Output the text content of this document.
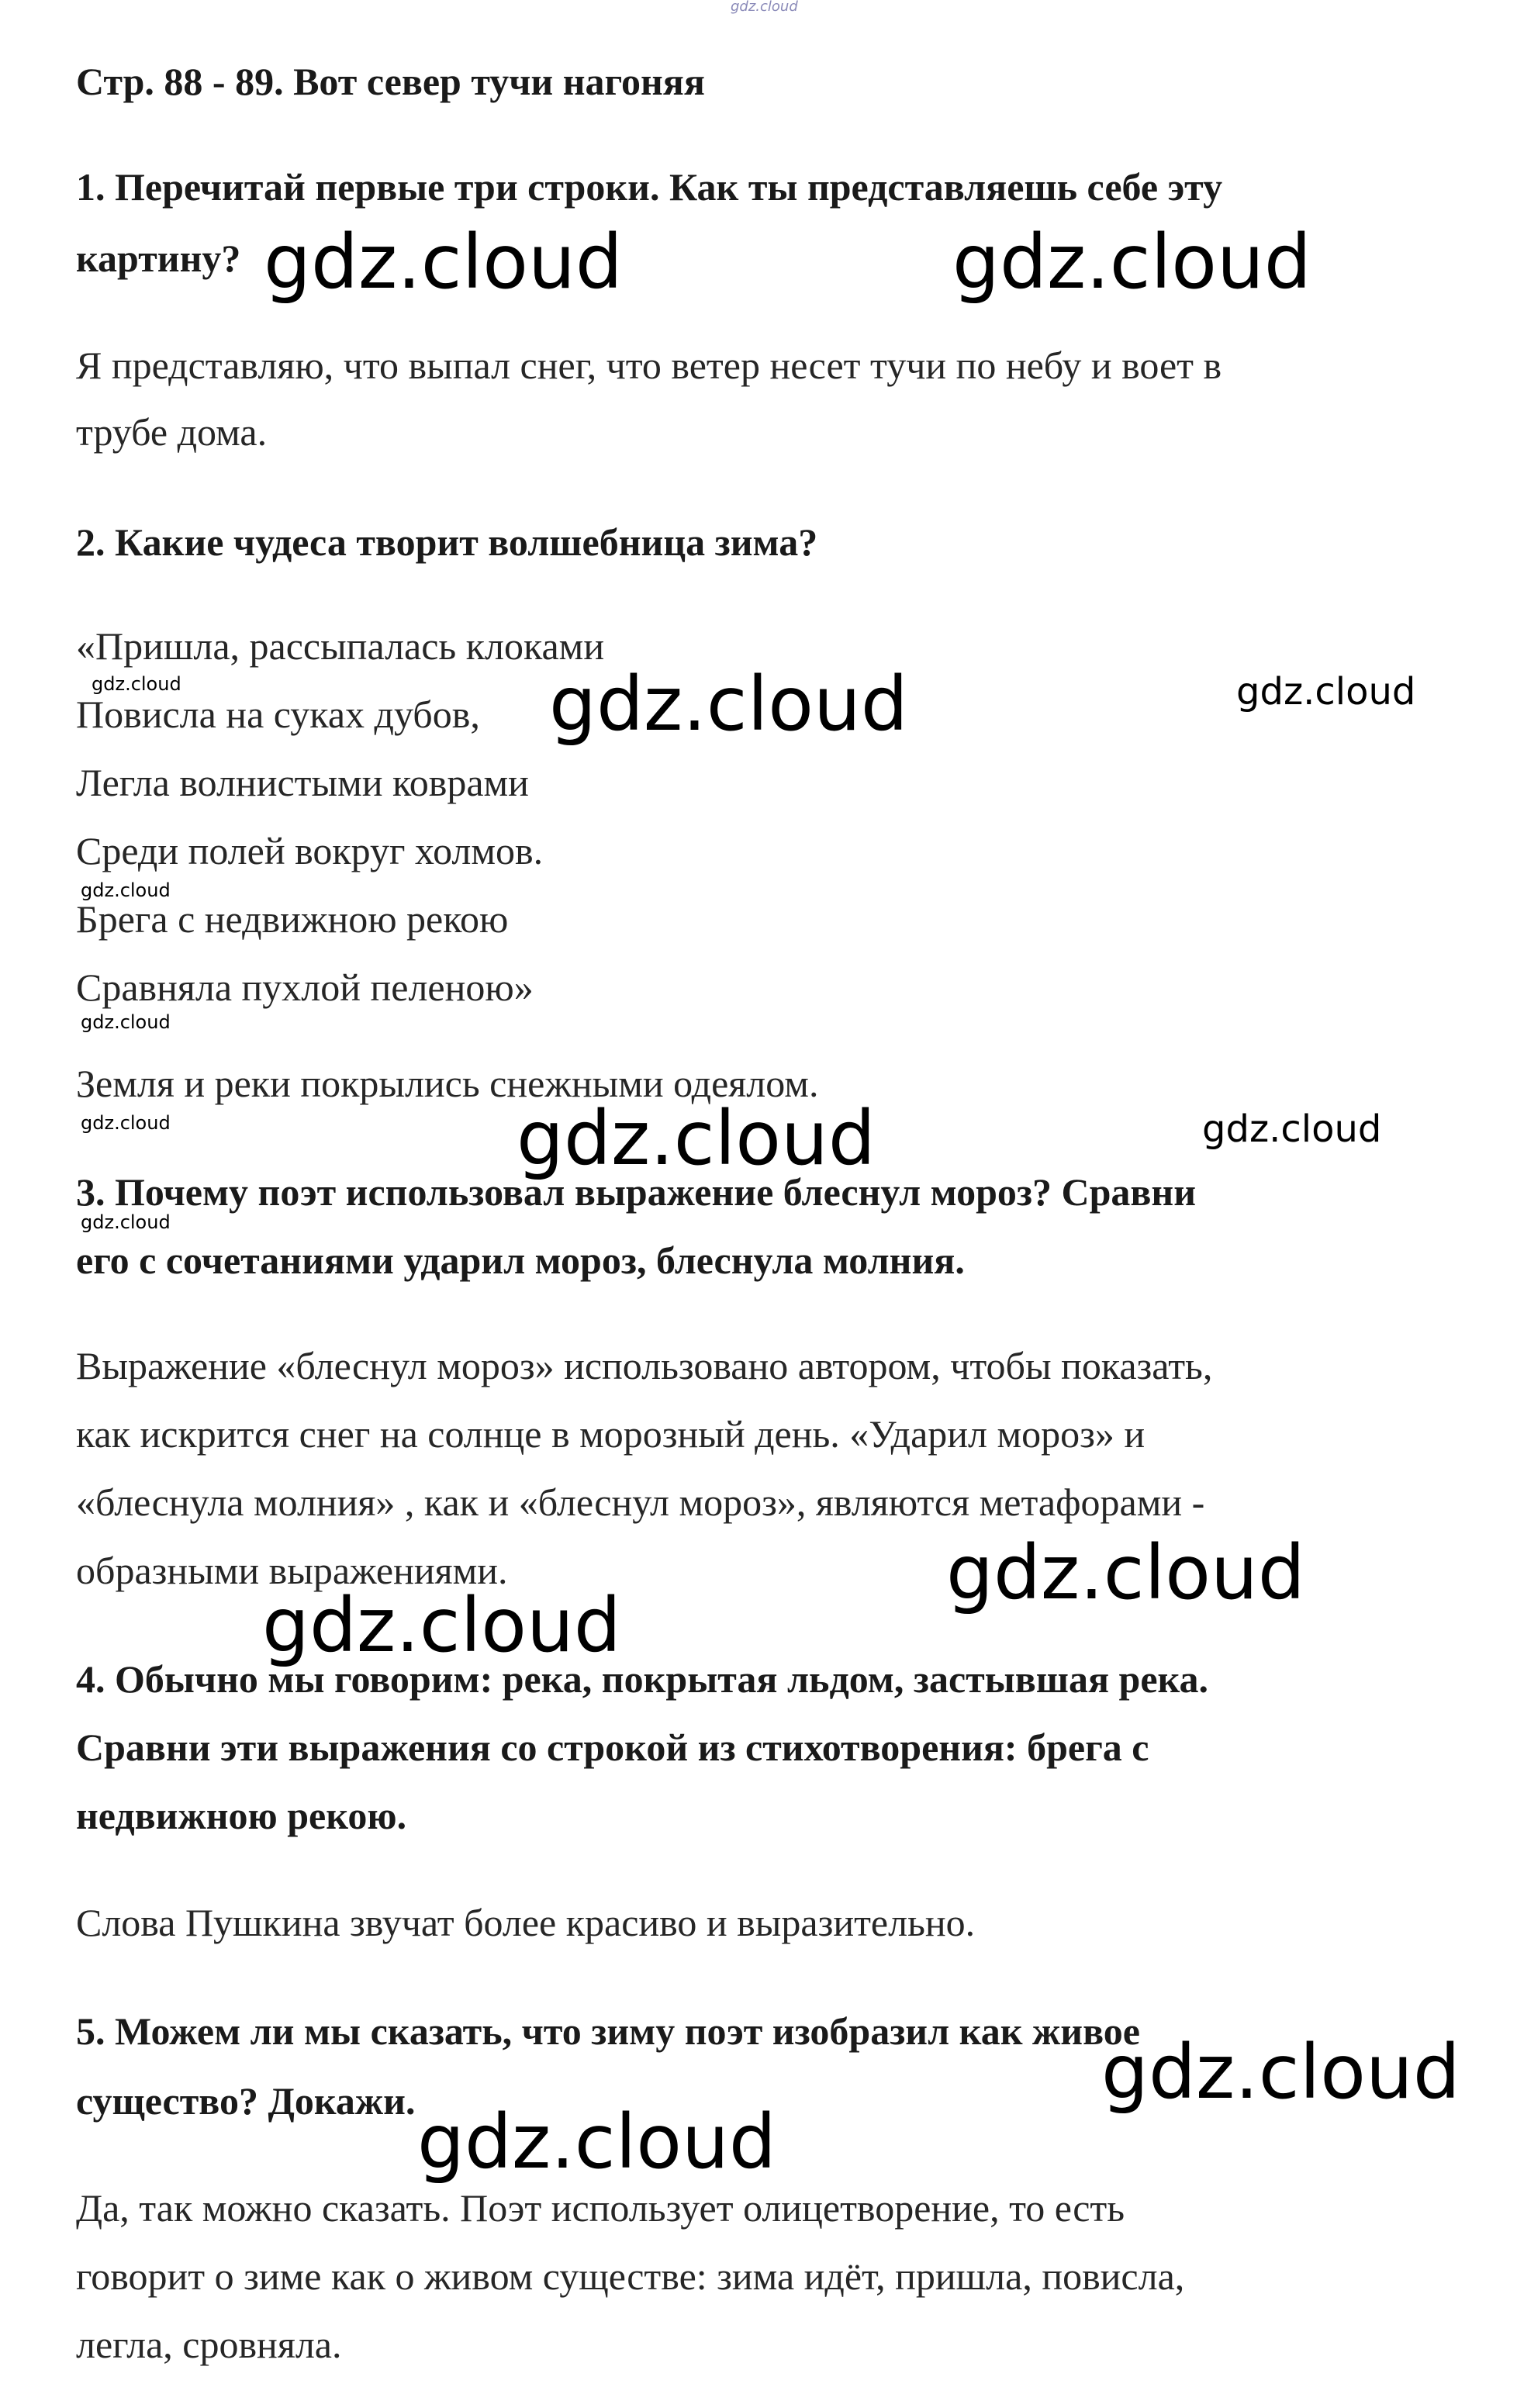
gdz.cloud
Стр. 88 - 89. Вот север тучи нагоняя
1. Перечитай первые три строки. Как ты представляешь себе эту
картину?
Я представляю, что выпал снег, что ветер несет тучи по небу и воет в
трубе дома.
2. Какие чудеса творит волшебница зима?
«Пришла, рассыпалась клоками
Повисла на суках дубов,
Легла волнистыми коврами
Среди полей вокруг холмов.
Брега с недвижною рекою
Сравняла пухлой пеленою»
Земля и реки покрылись снежными одеялом.
3. Почему поэт использовал выражение блеснул мороз? Сравни
его с сочетаниями ударил мороз, блеснула молния.
Выражение «блеснул мороз» использовано автором, чтобы показать,
как искрится снег на солнце в морозный день. «Ударил мороз» и
«блеснула молния» , как и «блеснул мороз», являются метафорами -
образными выражениями.
4. Обычно мы говорим: река, покрытая льдом, застывшая река.
Сравни эти выражения со строкой из стихотворения: брега с
недвижною рекою.
Слова Пушкина звучат более красиво и выразительно.
5. Можем ли мы сказать, что зиму поэт изобразил как живое
существо? Докажи.
Да, так можно сказать. Поэт использует олицетворение, то есть
говорит о зиме как о живом существе: зима идёт, пришла, повисла,
легла, сровняла.
gdz.cloud	gdz.cloud
gdz.cloud	gdz.cloud	gdz.cloud
gdz.cloud
gdz.cloud
gdz.cloud	gdz.cloud	gdz.cloud
gdz.cloud
gdz.cloud
gdz.cloud
gdz.cloud
gdz.cloud
